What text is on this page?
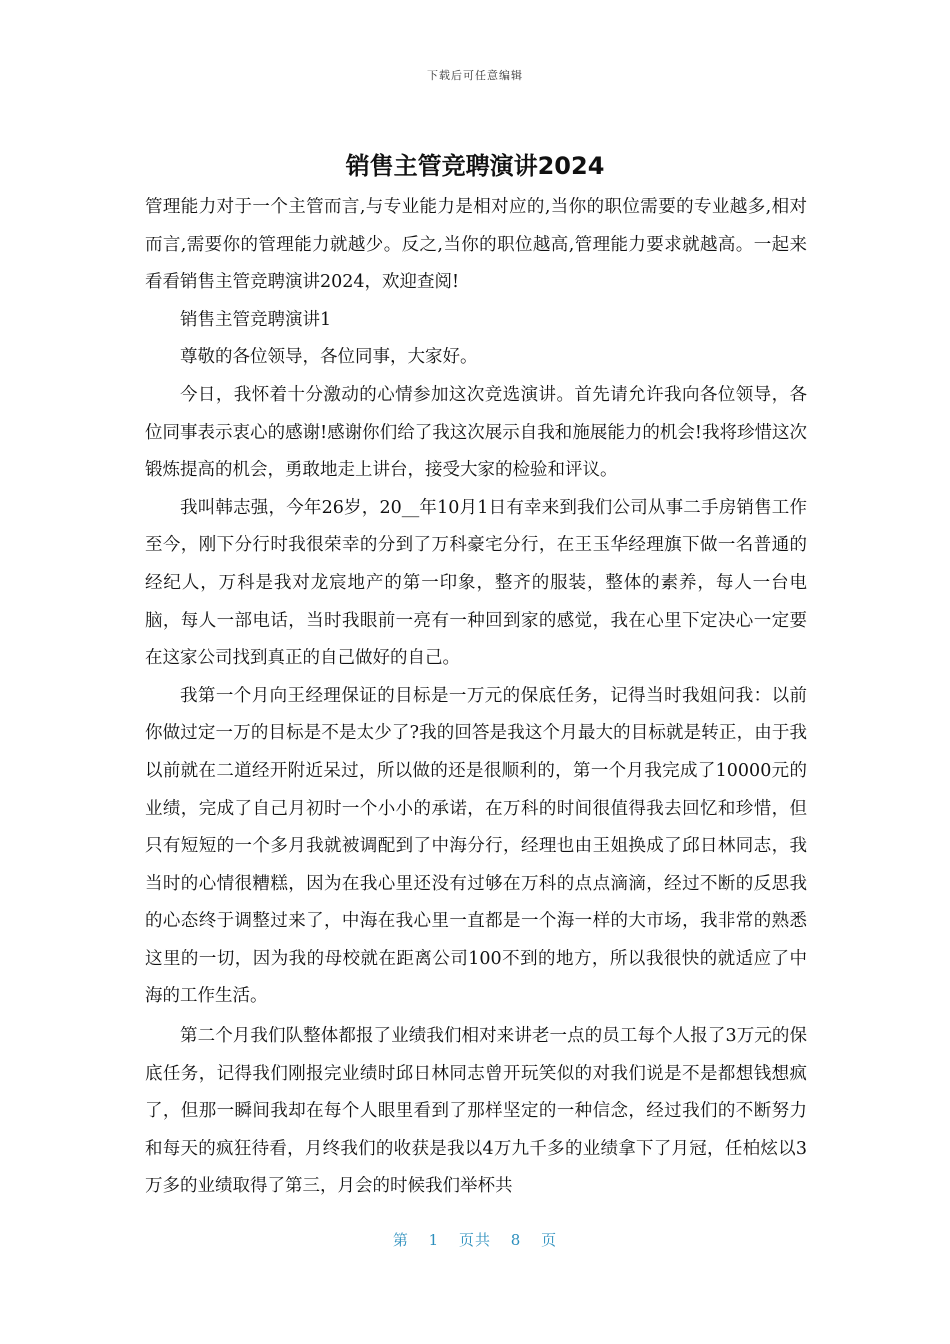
下载后可任意编辑
销售主管竞聘演讲2024

管理能力对于一个主管而言,与专业能力是相对应的,当你的职位需要的专业越多,相对而言,需要你的管理能力就越少。反之,当你的职位越高,管理能力要求就越高。一起来看看销售主管竞聘演讲2024，欢迎查阅!

销售主管竞聘演讲1

尊敬的各位领导，各位同事，大家好。

今日，我怀着十分激动的心情参加这次竞选演讲。首先请允许我向各位领导，各位同事表示衷心的感谢!感谢你们给了我这次展示自我和施展能力的机会!我将珍惜这次锻炼提高的机会，勇敢地走上讲台，接受大家的检验和评议。

我叫韩志强，今年26岁，20__年10月1日有幸来到我们公司从事二手房销售工作至今，刚下分行时我很荣幸的分到了万科豪宅分行，在王玉华经理旗下做一名普通的经纪人，万科是我对龙宸地产的第一印象，整齐的服装，整体的素养，每人一台电脑，每人一部电话，当时我眼前一亮有一种回到家的感觉，我在心里下定决心一定要在这家公司找到真正的自己做好的自己。

我第一个月向王经理保证的目标是一万元的保底任务，记得当时我姐问我：以前你做过定一万的目标是不是太少了?我的回答是我这个月最大的目标就是转正，由于我以前就在二道经开附近呆过，所以做的还是很顺利的，第一个月我完成了10000元的业绩，完成了自己月初时一个小小的承诺，在万科的时间很值得我去回忆和珍惜，但只有短短的一个多月我就被调配到了中海分行，经理也由王姐换成了邱日林同志，我当时的心情很糟糕，因为在我心里还没有过够在万科的点点滴滴，经过不断的反思我的心态终于调整过来了，中海在我心里一直都是一个海一样的大市场，我非常的熟悉这里的一切，因为我的母校就在距离公司100不到的地方，所以我很快的就适应了中海的工作生活。

第二个月我们队整体都报了业绩我们相对来讲老一点的员工每个人报了3万元的保底任务，记得我们刚报完业绩时邱日林同志曾开玩笑似的对我们说是不是都想钱想疯了，但那一瞬间我却在每个人眼里看到了那样坚定的一种信念，经过我们的不断努力和每天的疯狂待看，月终我们的收获是我以4万九千多的业绩拿下了月冠，任柏炫以3万多的业绩取得了第三，月会的时候我们举杯共

第 1 页共 8 页
